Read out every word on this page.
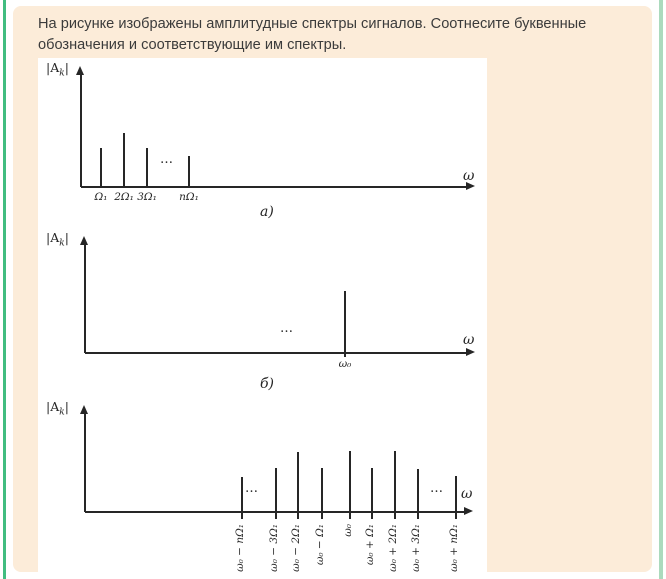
На рисунке изображены амплитудные спектры сигналов. Соотнесите буквенные обозначения и соответствующие им спектры.

$|A_k|$
ω
Ω₁ 2Ω₁ 3Ω₁	nΩ₁
…
а)
$|A_k|$
ω
ω₀
…
б)
$|A_k|$
ω
ω₀ − nΩ₁ ω₀ − 3Ω₁ ω₀ − 2Ω₁ ω₀ − Ω₁ ω₀ ω₀ + Ω₁ ω₀ + 2Ω₁ ω₀ + 3Ω₁ ω₀ + nΩ₁
…	…
